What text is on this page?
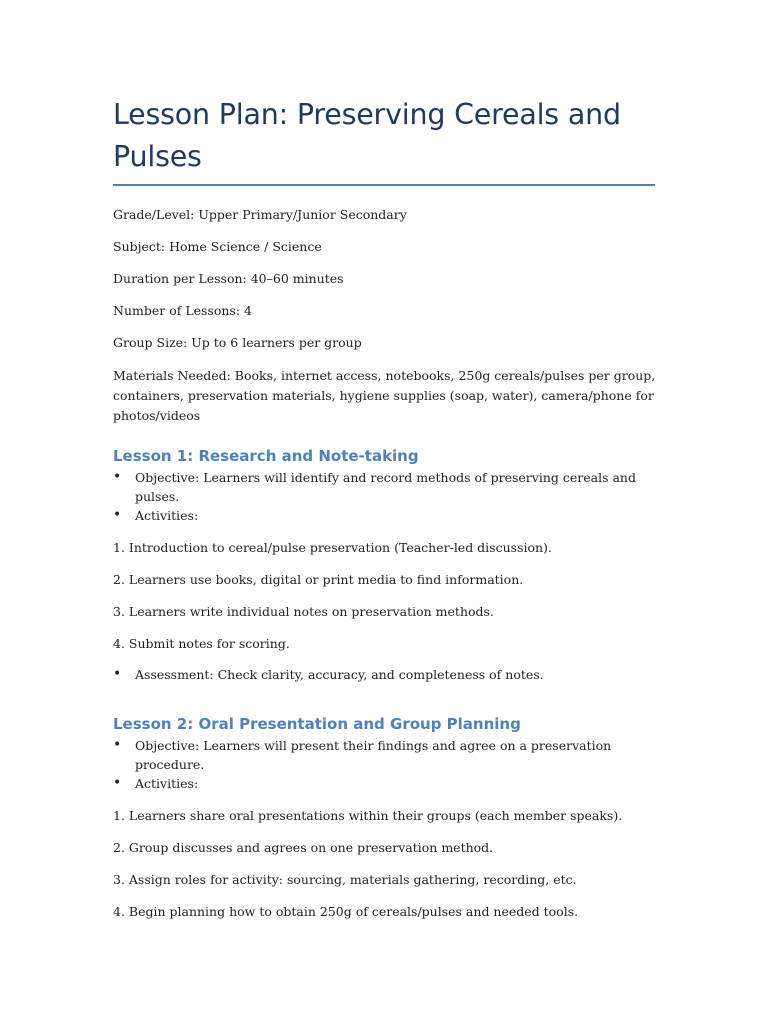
Lesson Plan: Preserving Cereals and Pulses

Grade/Level: Upper Primary/Junior Secondary

Subject: Home Science / Science

Duration per Lesson: 40–60 minutes

Number of Lessons: 4

Group Size: Up to 6 learners per group

Materials Needed: Books, internet access, notebooks, 250g cereals/pulses per group, containers, preservation materials, hygiene supplies (soap, water), camera/phone for photos/videos

Lesson 1: Research and Note-taking
• Objective: Learners will identify and record methods of preserving cereals and pulses.
• Activities:
1. Introduction to cereal/pulse preservation (Teacher-led discussion).
2. Learners use books, digital or print media to find information.
3. Learners write individual notes on preservation methods.
4. Submit notes for scoring.
• Assessment: Check clarity, accuracy, and completeness of notes.
Lesson 2: Oral Presentation and Group Planning
• Objective: Learners will present their findings and agree on a preservation procedure.
• Activities:
1. Learners share oral presentations within their groups (each member speaks).
2. Group discusses and agrees on one preservation method.
3. Assign roles for activity: sourcing, materials gathering, recording, etc.
4. Begin planning how to obtain 250g of cereals/pulses and needed tools.
